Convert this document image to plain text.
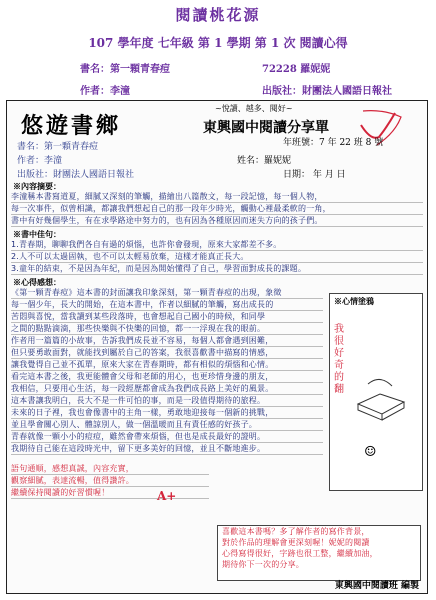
閱讀桃花源
107 學年度 七年級 第 1 學期 第 1 次 閱讀心得
書名：第一顆青春痘	72228 羅妮妮
作者：李潼	出版社：財團法人國語日報社
悠遊書鄉
~悅讀、越多、閱好~
東興國中閱讀分享單
年班號：7 年 22 班 8 號
書名：第一顆青春痘
作者：李潼	姓名：羅妮妮
出版社：財團法人國語日報社	日期： 年 月 日
※內容摘要：
李潼稱本書寫道夏，細膩又深刻的筆觸，描繪出八篇散文，每一段記憶，每一個人物，
每一次事件，似曾相識，都讓我們想起自己的那一段年少時光，觸動心裡最柔軟的一角，
書中有好幾個學生，有在求學路途中努力的，也有因為各種原因而迷失方向的孩子們。
※書中佳句：
1.青春期，聊聊我們各自有過的煩惱，也許你會發現，原來大家都差不多。
2.人不可以太過固執，也不可以太輕易放棄，這樣才能真正長大。
3.童年的結束，不是因為年紀，而是因為開始懂得了自己，學習面對成長的課題。
※心得感想：
《第一顆青春痘》這本書的封面讓我印象深刻，第一顆青春痘的出現，象徵
每一個少年，長大的開始，在這本書中，作者以細膩的筆觸，寫出成長的
苦悶與喜悅，當我讀到某些段落時，也會想起自己國小的時候，和同學
之間的點點滴滴，那些快樂與不快樂的回憶，都一一浮現在我的眼前。
作者用一篇篇的小故事，告訴我們成長並不容易，每個人都會遇到困難，
但只要勇敢面對，就能找到屬於自己的答案，我很喜歡書中描寫的情感，
讓我覺得自己並不孤單，原來大家在青春期時，都有相似的煩惱和心情。
看完這本書之後，我更能體會父母和老師的用心，也更珍惜身邊的朋友，
我相信，只要用心生活，每一段經歷都會成為我們成長路上美好的風景。
這本書讓我明白，長大不是一件可怕的事，而是一段值得期待的旅程。
未來的日子裡，我也會像書中的主角一樣，勇敢地迎接每一個新的挑戰，
並且學會關心別人、體諒別人，做一個溫暖而且有責任感的好孩子。
青春就像一顆小小的痘痘，雖然會帶來煩惱，但也是成長最好的證明。
我期待自己能在這段時光中，留下更多美好的回憶，並且不斷地進步。
※心情塗鴉
我很好奇的翻
☺
語句通順，感想真誠，內容充實，
觀察細膩，表達流暢，值得讚許。
繼續保持閱讀的好習慣喔！
喜歡這本書嗎？多了解作者的寫作背景，
對於作品的理解會更深刻喔！妮妮的閱讀
心得寫得很好，字跡也很工整，繼續加油，
期待你下一次的分享。
A+
東興國中閱讀班 編製
